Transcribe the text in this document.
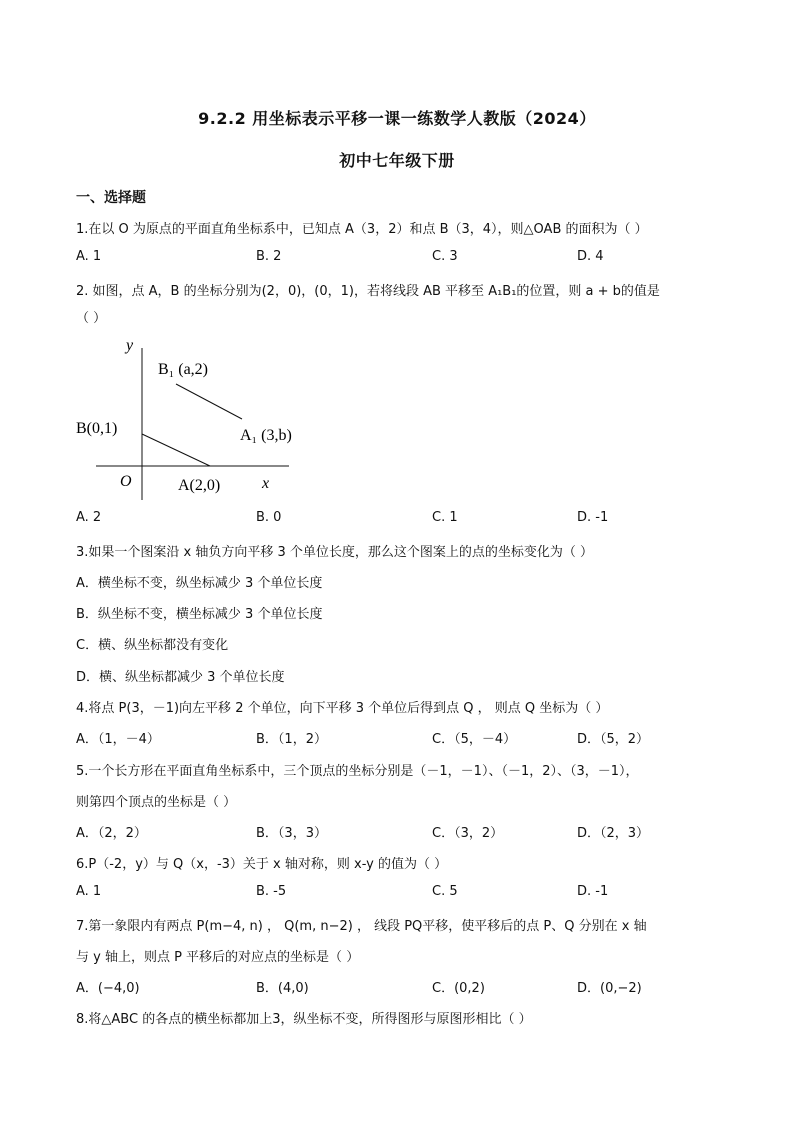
9.2.2 用坐标表示平移一课一练数学人教版（2024）
初中七年级下册
一、选择题
1.在以 O 为原点的平面直角坐标系中，已知点 A（3，2）和点 B（3，4），则△OAB 的面积为（ ）
A. 1	B. 2	C. 3	D. 4
2. 如图，点 A，B 的坐标分别为(2，0)，(0，1)，若将线段 AB 平移至 A₁B₁的位置，则 a + b的值是
（ ）
y
x
O
B(0,1)
A(2,0)
B₁ (a,2)
A₁ (3,b)
A. 2	B. 0	C. 1	D. -1
3.如果一个图案沿 x 轴负方向平移 3 个单位长度，那么这个图案上的点的坐标变化为（ ）
A．横坐标不变，纵坐标减少 3 个单位长度
B．纵坐标不变，横坐标减少 3 个单位长度
C．横、纵坐标都没有变化
D．横、纵坐标都减少 3 个单位长度
4.将点 P(3，－1)向左平移 2 个单位，向下平移 3 个单位后得到点 Q ， 则点 Q 坐标为（ ）
A．（1，－4）	B．（1，2）	C．（5，－4）	D．（5，2）
5.一个长方形在平面直角坐标系中，三个顶点的坐标分别是（－1，－1）、（－1，2）、（3，－1），
则第四个顶点的坐标是（ ）
A．（2，2）	B．（3，3）	C．（3，2）	D．（2，3）
6.P（-2，y）与 Q（x，-3）关于 x 轴对称，则 x-y 的值为（ ）
A. 1	B. -5	C. 5	D. -1
7.第一象限内有两点 P(m−4, n) ， Q(m, n−2) ， 线段 PQ平移，使平移后的点 P、Q 分别在 x 轴
与 y 轴上，则点 P 平移后的对应点的坐标是（ ）
A．(−4,0)	B．(4,0)	C．(0,2)	D．(0,−2)
8.将△ABC 的各点的横坐标都加上3，纵坐标不变，所得图形与原图形相比（ ）
